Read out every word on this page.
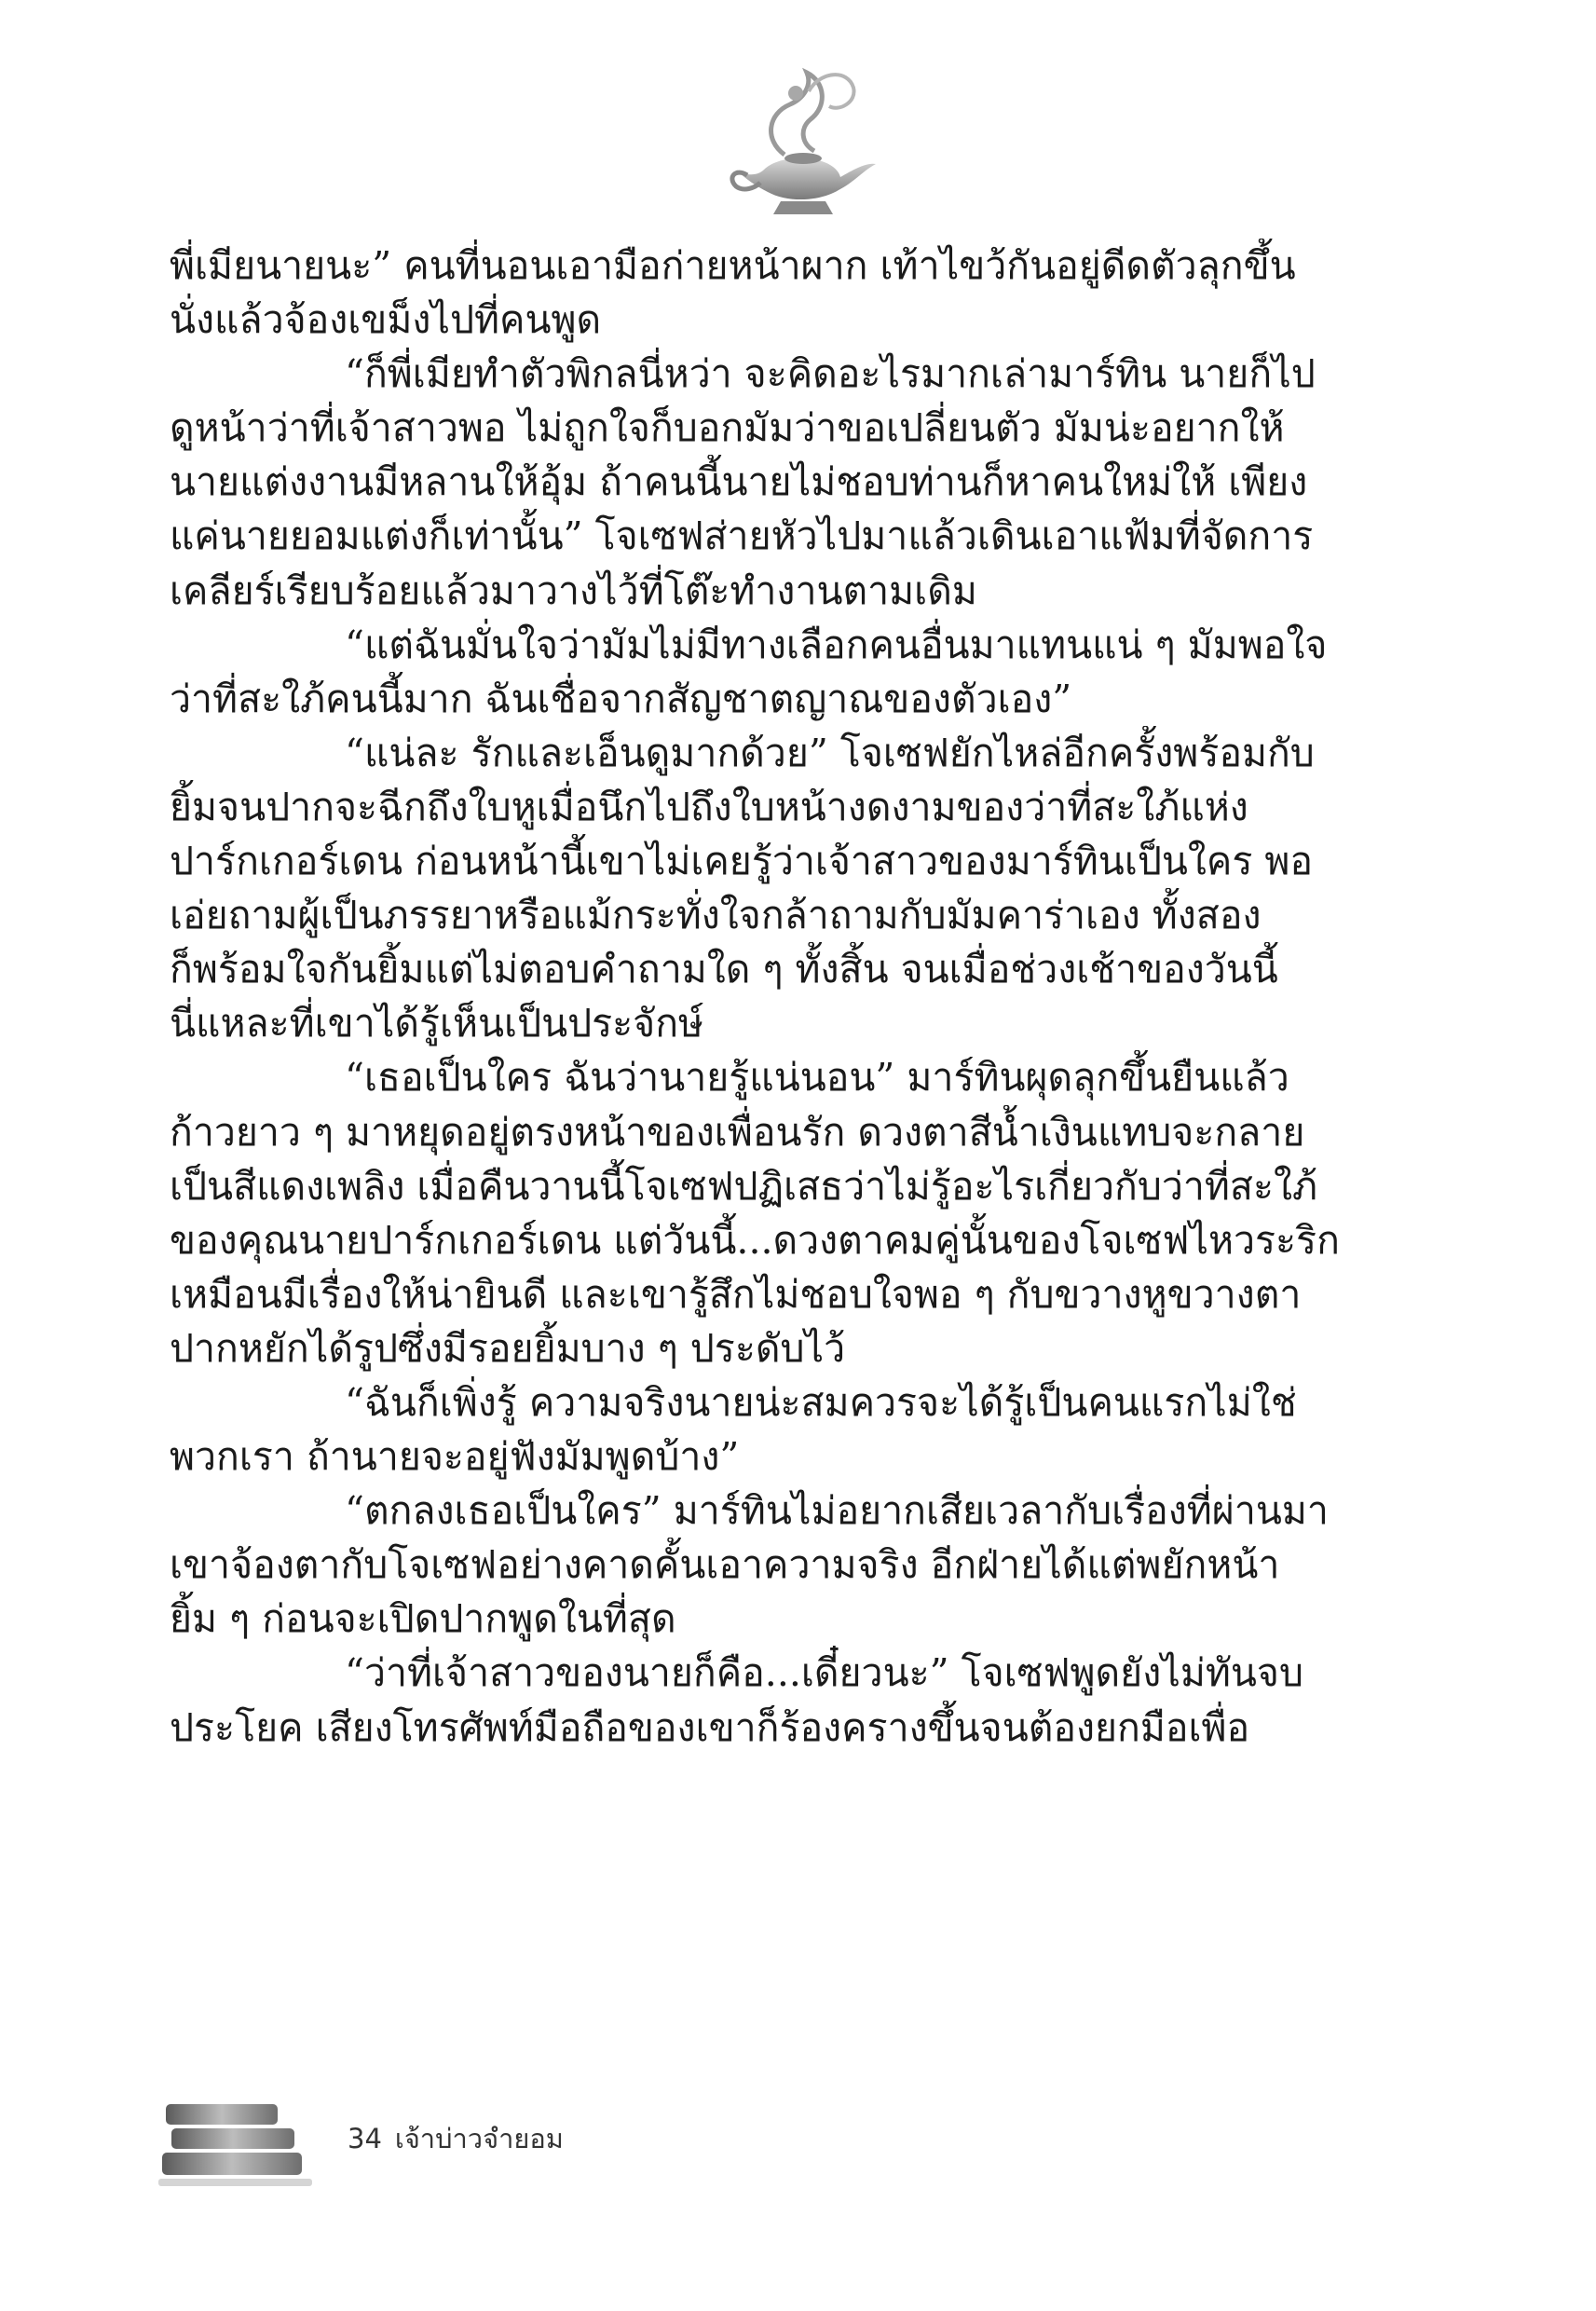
พี่เมียนายนะ” คนที่นอนเอามือก่ายหน้าผาก เท้าไขว้กันอยู่ดีดตัวลุกขึ้น

นั่งแล้วจ้องเขม็งไปที่คนพูด

“ก็พี่เมียทำตัวพิกลนี่หว่า จะคิดอะไรมากเล่ามาร์ทิน นายก็ไป

ดูหน้าว่าที่เจ้าสาวพอ ไม่ถูกใจก็บอกมัมว่าขอเปลี่ยนตัว มัมน่ะอยากให้

นายแต่งงานมีหลานให้อุ้ม ถ้าคนนี้นายไม่ชอบท่านก็หาคนใหม่ให้ เพียง

แค่นายยอมแต่งก็เท่านั้น” โจเซฟส่ายหัวไปมาแล้วเดินเอาแฟ้มที่จัดการ

เคลียร์เรียบร้อยแล้วมาวางไว้ที่โต๊ะทำงานตามเดิม

“แต่ฉันมั่นใจว่ามัมไม่มีทางเลือกคนอื่นมาแทนแน่ ๆ มัมพอใจ

ว่าที่สะใภ้คนนี้มาก ฉันเชื่อจากสัญชาตญาณของตัวเอง”

“แน่ละ รักและเอ็นดูมากด้วย” โจเซฟยักไหล่อีกครั้งพร้อมกับ

ยิ้มจนปากจะฉีกถึงใบหูเมื่อนึกไปถึงใบหน้างดงามของว่าที่สะใภ้แห่ง

ปาร์กเกอร์เดน ก่อนหน้านี้เขาไม่เคยรู้ว่าเจ้าสาวของมาร์ทินเป็นใคร พอ

เอ่ยถามผู้เป็นภรรยาหรือแม้กระทั่งใจกล้าถามกับมัมคาร่าเอง ทั้งสอง

ก็พร้อมใจกันยิ้มแต่ไม่ตอบคำถามใด ๆ ทั้งสิ้น จนเมื่อช่วงเช้าของวันนี้

นี่แหละที่เขาได้รู้เห็นเป็นประจักษ์

“เธอเป็นใคร ฉันว่านายรู้แน่นอน” มาร์ทินผุดลุกขึ้นยืนแล้ว

ก้าวยาว ๆ มาหยุดอยู่ตรงหน้าของเพื่อนรัก ดวงตาสีน้ำเงินแทบจะกลาย

เป็นสีแดงเพลิง เมื่อคืนวานนี้โจเซฟปฏิเสธว่าไม่รู้อะไรเกี่ยวกับว่าที่สะใภ้

ของคุณนายปาร์กเกอร์เดน แต่วันนี้...ดวงตาคมคู่นั้นของโจเซฟไหวระริก

เหมือนมีเรื่องให้น่ายินดี และเขารู้สึกไม่ชอบใจพอ ๆ กับขวางหูขวางตา

ปากหยักได้รูปซึ่งมีรอยยิ้มบาง ๆ ประดับไว้

“ฉันก็เพิ่งรู้ ความจริงนายน่ะสมควรจะได้รู้เป็นคนแรกไม่ใช่

พวกเรา ถ้านายจะอยู่ฟังมัมพูดบ้าง”

“ตกลงเธอเป็นใคร” มาร์ทินไม่อยากเสียเวลากับเรื่องที่ผ่านมา

เขาจ้องตากับโจเซฟอย่างคาดคั้นเอาความจริง อีกฝ่ายได้แต่พยักหน้า

ยิ้ม ๆ ก่อนจะเปิดปากพูดในที่สุด

“ว่าที่เจ้าสาวของนายก็คือ...เดี๋ยวนะ” โจเซฟพูดยังไม่ทันจบ

ประโยค เสียงโทรศัพท์มือถือของเขาก็ร้องครางขึ้นจนต้องยกมือเพื่อ

34 เจ้าบ่าวจำยอม
